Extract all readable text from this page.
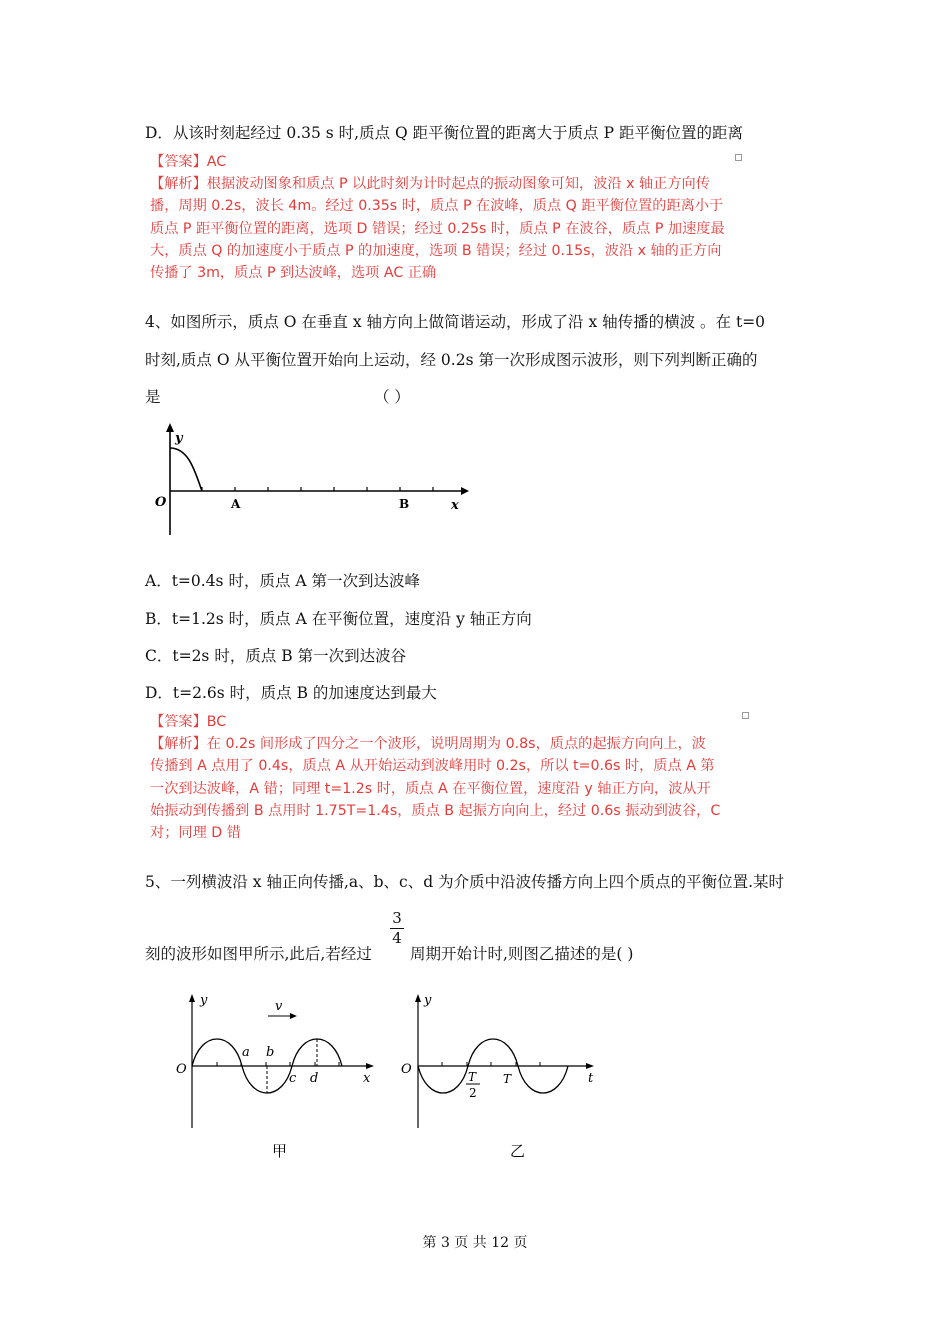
D．从该时刻起经过 0.35 s 时,质点 Q 距平衡位置的距离大于质点 P 距平衡位置的距离
【答案】AC
【解析】根据波动图象和质点 P 以此时刻为计时起点的振动图象可知，波沿 x 轴正方向传
播，周期 0.2s，波长 4m。经过 0.35s 时，质点 P 在波峰，质点 Q 距平衡位置的距离小于
质点 P 距平衡位置的距离，选项 D 错误；经过 0.25s 时，质点 P 在波谷，质点 P 加速度最
大，质点 Q 的加速度小于质点 P 的加速度，选项 B 错误；经过 0.15s，波沿 x 轴的正方向
传播了 3m，质点 P 到达波峰，选项 AC 正确
4、如图所示，质点 O 在垂直 x 轴方向上做简谐运动，形成了沿 x 轴传播的横波 。在 t=0
时刻,质点 O 从平衡位置开始向上运动，经 0.2s 第一次形成图示波形，则下列判断正确的
是	（ ）
y
O	A	B	x
A．t=0.4s 时，质点 A 第一次到达波峰
B．t=1.2s 时，质点 A 在平衡位置，速度沿 y 轴正方向
C．t=2s 时，质点 B 第一次到达波谷
D．t=2.6s 时，质点 B 的加速度达到最大
【答案】BC
【解析】在 0.2s 间形成了四分之一个波形，说明周期为 0.8s，质点的起振方向向上，波
传播到 A 点用了 0.4s，质点 A 从开始运动到波峰用时 0.2s，所以 t=0.6s 时，质点 A 第
一次到达波峰，A 错；同理 t=1.2s 时，质点 A 在平衡位置，速度沿 y 轴正方向，波从开
始振动到传播到 B 点用时 1.75T=1.4s，质点 B 起振方向向上，经过 0.6s 振动到波谷，C
对；同理 D 错
5、一列横波沿 x 轴正向传播,a、b、c、d 为介质中沿波传播方向上四个质点的平衡位置.某时
刻的波形如图甲所示,此后,若经过
3
4
周期开始计时,则图乙描述的是( )
y	v
O
a b
c d	x
甲
y
O	T
2
T	t
乙
第 3 页 共 12 页
